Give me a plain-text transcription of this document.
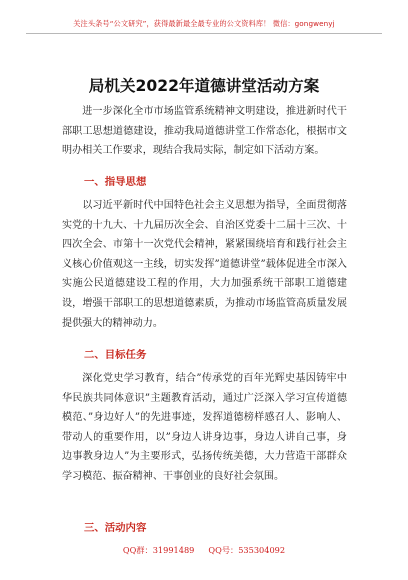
关注头条号“公文研究”，获得最新最全最专业的公文资料库！ 微信：gongwenyj
局机关2022年道德讲堂活动方案

进一步深化全市市场监管系统精神文明建设，推进新时代干部职工思想道德建设，推动我局道德讲堂工作常态化，根据市文明办相关工作要求，现结合我局实际，制定如下活动方案。

一、指导思想

以习近平新时代中国特色社会主义思想为指导，全面贯彻落实党的十九大、十九届历次全会、自治区党委十二届十三次、十四次全会、市第十一次党代会精神，紧紧围绕培育和践行社会主义核心价值观这一主线，切实发挥”道德讲堂”载体促进全市深入实施公民道德建设工程的作用，大力加强系统干部职工道德建设，增强干部职工的思想道德素质，为推动市场监管高质量发展提供强大的精神动力。

二、目标任务

深化党史学习教育，结合”传承党的百年光辉史基因铸牢中华民族共同体意识”主题教育活动，通过广泛深入学习宣传道德模范、”身边好人”的先进事迹，发挥道德榜样感召人、影响人、带动人的重要作用，以”身边人讲身边事，身边人讲自己事，身边事教身边人”为主要形式，弘扬传统美德，大力营造干部群众学习模范、振奋精神、干事创业的良好社会氛围。

三、活动内容
QQ群：31991489 QQ号：535304092
